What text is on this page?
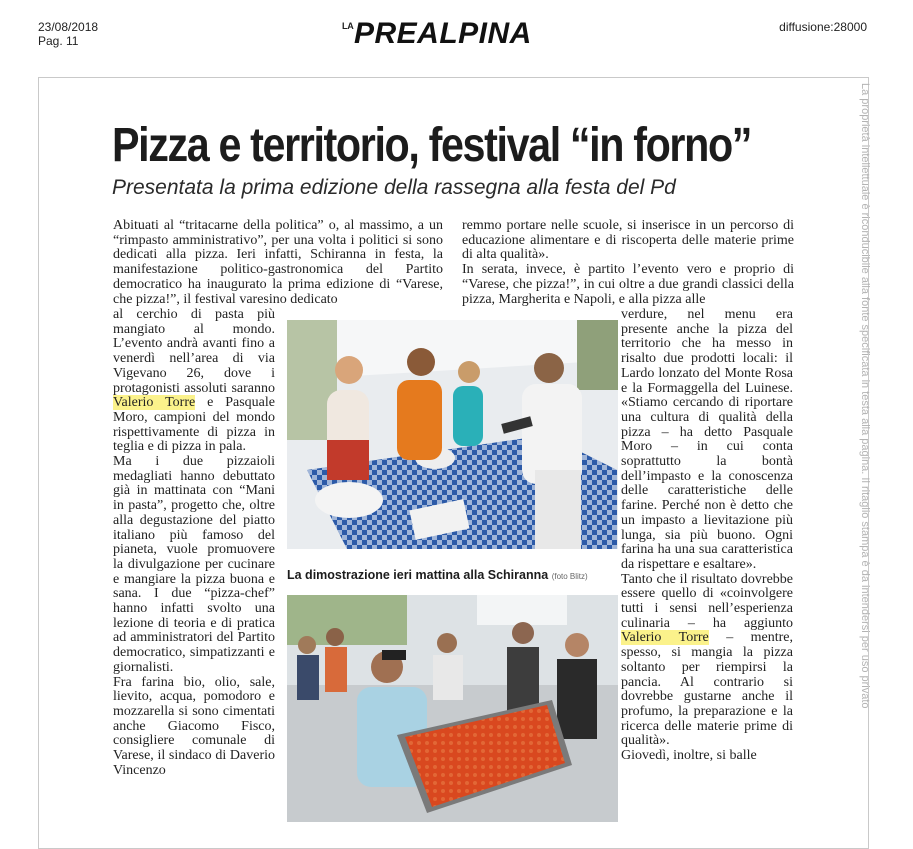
23/08/2018
Pag. 11
diffusione:28000
LA PREALPINA
La proprietà intellettuale è riconducibile alla fonte specificata in testa alla pagina. Il ritaglio stampa è da intendersi per uso privato
Pizza e territorio, festival “in forno”
Presentata la prima edizione della rassegna alla festa del Pd

Abituati al “tritacarne della politica” o, al massimo, a un “rimpasto amministrativo”, per una volta i politici si sono dedicati alla pizza. Ieri infatti, Schiranna in festa, la manifestazione politico-gastronomica del Partito democratico ha inaugurato la prima edizione di “Varese, che pizza!”, il festival varesino dedicato

al cerchio di pasta più mangiato al mondo. L’evento andrà avanti fino a venerdì nell’area di via Vigevano 26, dove i protagonisti assoluti saranno Valerio Torre e Pasquale Moro, campioni del mondo rispettivamente di pizza in teglia e di pizza in pala.

Ma i due pizzaioli medagliati hanno debuttato già in mattinata con “Mani in pasta”, progetto che, oltre alla degustazione del piatto italiano più famoso del pianeta, vuole promuovere la divulgazione per cucinare e mangiare la pizza buona e sana. I due “pizza-chef” hanno infatti svolto una lezione di teoria e di pratica ad amministratori del Partito democratico, simpatizzanti e giornalisti.

Fra farina bio, olio, sale, lievito, acqua, pomodoro e mozzarella si sono cimentati anche Giacomo Fisco, consigliere comunale di Varese, il sindaco di Daverio Vincenzo

remmo portare nelle scuole, si inserisce in un percorso di educazione alimentare e di riscoperta delle materie prime di alta qualità».

In serata, invece, è partito l’evento vero e proprio di “Varese, che pizza!”, in cui oltre a due grandi classici della pizza, Margherita e Napoli, e alla pizza alle

verdure, nel menu era presente anche la pizza del territorio che ha messo in risalto due prodotti locali: il Lardo lonzato del Monte Rosa e la Formaggella del Luinese. «Stiamo cercando di riportare una cultura di qualità della pizza – ha detto Pasquale Moro – in cui conta soprattutto la bontà dell’impasto e la conoscenza delle caratteristiche delle farine. Perché non è detto che un impasto a lievitazione più lunga, sia più buono. Ogni farina ha una sua caratteristica da rispettare e esaltare».

Tanto che il risultato dovrebbe essere quello di «coinvolgere tutti i sensi nell’esperienza culinaria – ha aggiunto Valerio Torre – mentre, spesso, si mangia la pizza soltanto per riempirsi la pancia. Al contrario si dovrebbe gustarne anche il profumo, la preparazione e la ricerca delle materie prime di qualità».

Giovedì, inoltre, si balle

La dimostrazione ieri mattina alla Schiranna (foto Blitz)
